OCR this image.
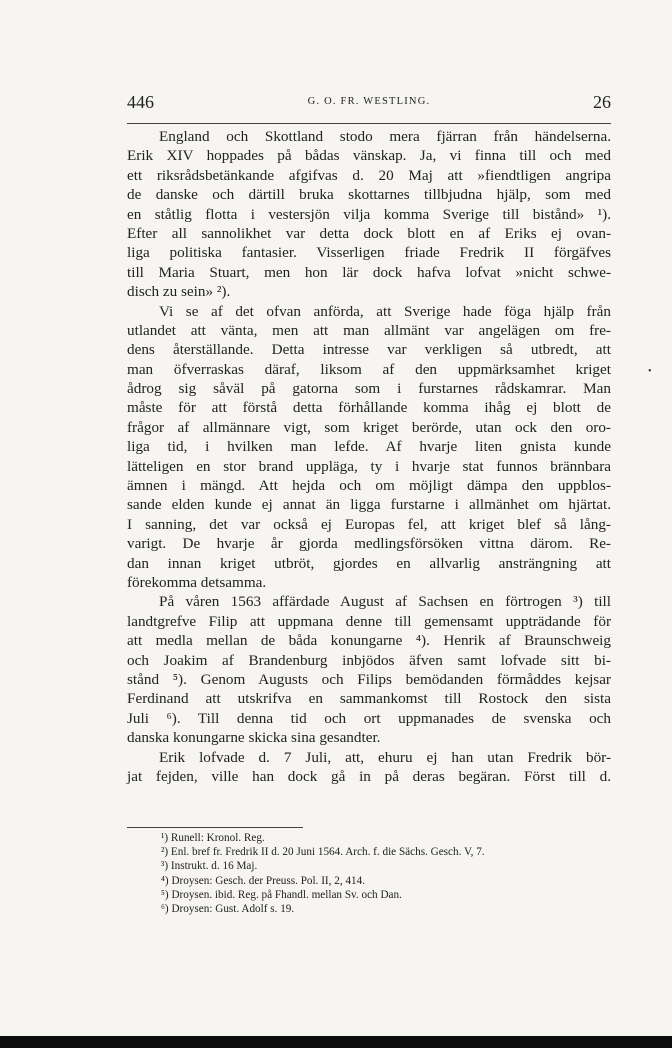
446	G. O. FR. WESTLING.	26
England och Skottland stodo mera fjärran från händelserna.
Erik XIV hoppades på bådas vänskap. Ja, vi finna till och med
ett riksrådsbetänkande afgifvas d. 20 Maj att »fiendtligen angripa
de danske och därtill bruka skottarnes tillbjudna hjälp, som med
en ståtlig flotta i vestersjön vilja komma Sverige till bistånd» ¹).
Efter all sannolikhet var detta dock blott en af Eriks ej ovan-
liga politiska fantasier. Visserligen friade Fredrik II förgäfves
till Maria Stuart, men hon lär dock hafva lofvat »nicht schwe-
disch zu sein» ²).
Vi se af det ofvan anförda, att Sverige hade föga hjälp från
utlandet att vänta, men att man allmänt var angelägen om fre-
dens återställande. Detta intresse var verkligen så utbredt, att
man öfverraskas däraf, liksom af den uppmärksamhet kriget
ådrog sig såväl på gatorna som i furstarnes rådskamrar. Man
måste för att förstå detta förhållande komma ihåg ej blott de
frågor af allmännare vigt, som kriget berörde, utan ock den oro-
liga tid, i hvilken man lefde. Af hvarje liten gnista kunde
lätteligen en stor brand uppläga, ty i hvarje stat funnos brännbara
ämnen i mängd. Att hejda och om möjligt dämpa den uppblos-
sande elden kunde ej annat än ligga furstarne i allmänhet om hjärtat.
I sanning, det var också ej Europas fel, att kriget blef så lång-
varigt. De hvarje år gjorda medlingsförsöken vittna därom. Re-
dan innan kriget utbröt, gjordes en allvarlig ansträngning att
förekomma detsamma.
På våren 1563 affärdade August af Sachsen en förtrogen ³) till
landtgrefve Filip att uppmana denne till gemensamt uppträdande för
att medla mellan de båda konungarne ⁴). Henrik af Braunschweig
och Joakim af Brandenburg inbjödos äfven samt lofvade sitt bi-
stånd ⁵). Genom Augusts och Filips bemödanden förmåddes kejsar
Ferdinand att utskrifva en sammankomst till Rostock den sista
Juli ⁶). Till denna tid och ort uppmanades de svenska och
danska konungarne skicka sina gesandter.
Erik lofvade d. 7 Juli, att, ehuru ej han utan Fredrik bör-
jat fejden, ville han dock gå in på deras begäran. Först till d.
¹) Runell: Kronol. Reg.
²) Enl. bref fr. Fredrik II d. 20 Juni 1564. Arch. f. die Sächs. Gesch. V, 7.
³) Instrukt. d. 16 Maj.
⁴) Droysen: Gesch. der Preuss. Pol. II, 2, 414.
⁵) Droysen. ibid. Reg. på Fhandl. mellan Sv. och Dan.
⁶) Droysen: Gust. Adolf s. 19.
•
